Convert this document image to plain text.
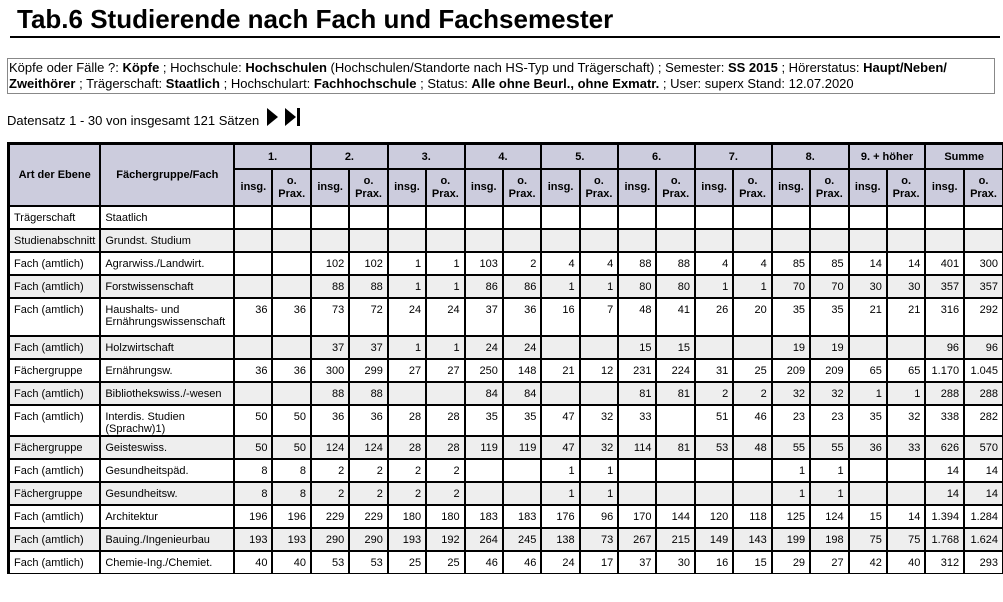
Tab.6 Studierende nach Fach und Fachsemester
Köpfe oder Fälle ?: Köpfe ; Hochschule: Hochschulen (Hochschulen/Standorte nach HS-Typ und Trägerschaft) ; Semester: SS 2015 ; Hörerstatus: Haupt/Neben/ Zweithörer ; Trägerschaft: Staatlich ; Hochschulart: Fachhochschule ; Status: Alle ohne Beurl., ohne Exmatr. ; User: superx Stand: 12.07.2020
Datensatz 1 - 30 von insgesamt 121 Sätzen
Art der Ebene	Fächergruppe/Fach	1.		2.		3.		4.		5.		6.		7.		8.		9. + höher		Summe	
		insg.	o. Prax.	insg.	o. Prax.	insg.	o. Prax.	insg.	o. Prax.	insg.	o. Prax.	insg.	o. Prax.	insg.	o. Prax.	insg.	o. Prax.	insg.	o. Prax.	insg.	o. Prax.
Trägerschaft	Staatlich																				
Studienabschnitt	Grundst. Studium																				
Fach (amtlich)	Agrarwiss./Landwirt.			102	102	1	1	103	2	4	4	88	88	4	4	85	85	14	14	401	300
Fach (amtlich)	Forstwissenschaft			88	88	1	1	86	86	1	1	80	80	1	1	70	70	30	30	357	357
Fach (amtlich)	Haushalts- und Ernährungswissenschaft	36	36	73	72	24	24	37	36	16	7	48	41	26	20	35	35	21	21	316	292
Fach (amtlich)	Holzwirtschaft			37	37	1	1	24	24			15	15			19	19			96	96
Fächergruppe	Ernährungsw.	36	36	300	299	27	27	250	148	21	12	231	224	31	25	209	209	65	65	1.170	1.045
Fach (amtlich)	Bibliothekswiss./-wesen			88	88			84	84			81	81	2	2	32	32	1	1	288	288
Fach (amtlich)	Interdis. Studien (Sprachw)1)	50	50	36	36	28	28	35	35	47	32	33		51	46	23	23	35	32	338	282
Fächergruppe	Geisteswiss.	50	50	124	124	28	28	119	119	47	32	114	81	53	48	55	55	36	33	626	570
Fach (amtlich)	Gesundheitspäd.	8	8	2	2	2	2			1	1					1	1			14	14
Fächergruppe	Gesundheitsw.	8	8	2	2	2	2			1	1					1	1			14	14
Fach (amtlich)	Architektur	196	196	229	229	180	180	183	183	176	96	170	144	120	118	125	124	15	14	1.394	1.284
Fach (amtlich)	Bauing./Ingenieurbau	193	193	290	290	193	192	264	245	138	73	267	215	149	143	199	198	75	75	1.768	1.624
Fach (amtlich)	Chemie-Ing./Chemiet.	40	40	53	53	25	25	46	46	24	17	37	30	16	15	29	27	42	40	312	293
